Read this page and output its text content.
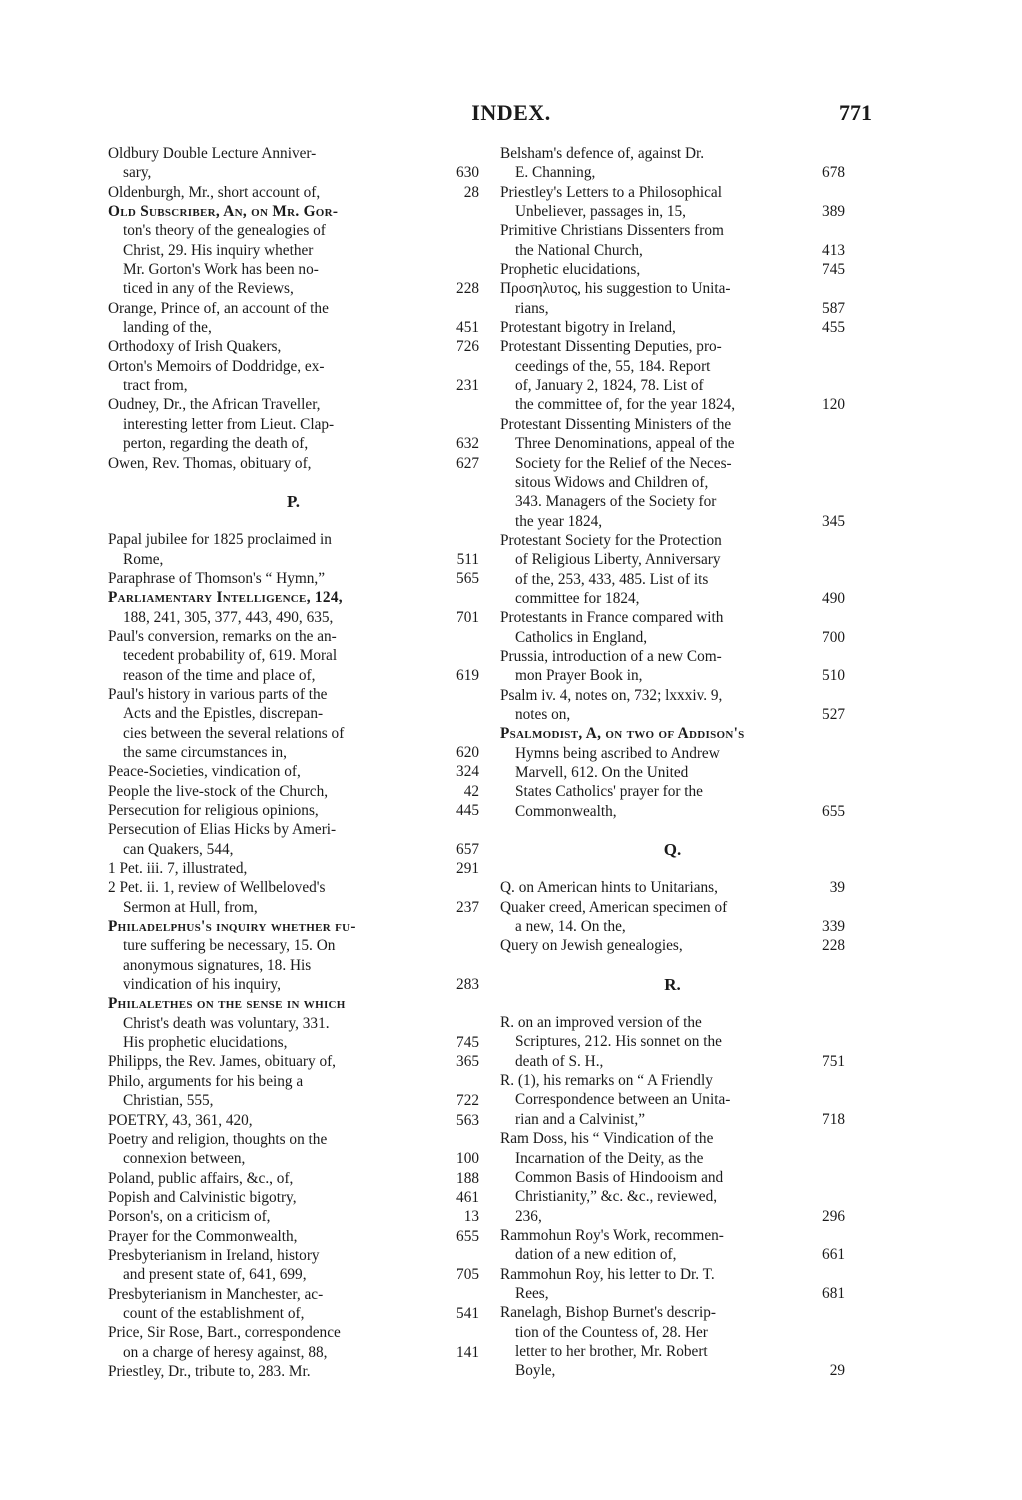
INDEX.	771
Oldbury Double Lecture Anniver-
sary,	630
Oldenburgh, Mr., short account of,	28
Old Subscriber, An, on Mr. Gor-
ton's theory of the genealogies of
Christ, 29. His inquiry whether
Mr. Gorton's Work has been no-
ticed in any of the Reviews,	228
Orange, Prince of, an account of the
landing of the,	451
Orthodoxy of Irish Quakers,	726
Orton's Memoirs of Doddridge, ex-
tract from,	231
Oudney, Dr., the African Traveller,
interesting letter from Lieut. Clap-
perton, regarding the death of,	632
Owen, Rev. Thomas, obituary of,	627
P.
Papal jubilee for 1825 proclaimed in
Rome,	511
Paraphrase of Thomson's “ Hymn,”	565
Parliamentary Intelligence, 124,
188, 241, 305, 377, 443, 490, 635,	701
Paul's conversion, remarks on the an-
tecedent probability of, 619. Moral
reason of the time and place of,	619
Paul's history in various parts of the
Acts and the Epistles, discrepan-
cies between the several relations of
the same circumstances in,	620
Peace-Societies, vindication of,	324
People the live-stock of the Church,	42
Persecution for religious opinions,	445
Persecution of Elias Hicks by Ameri-
can Quakers, 544,	657
1 Pet. iii. 7, illustrated,	291
2 Pet. ii. 1, review of Wellbeloved's
Sermon at Hull, from,	237
Philadelphus's inquiry whether fu-
ture suffering be necessary, 15. On
anonymous signatures, 18. His
vindication of his inquiry,	283
Philalethes on the sense in which
Christ's death was voluntary, 331.
His prophetic elucidations,	745
Philipps, the Rev. James, obituary of,	365
Philo, arguments for his being a
Christian, 555,	722
POETRY, 43, 361, 420,	563
Poetry and religion, thoughts on the
connexion between,	100
Poland, public affairs, &c., of,	188
Popish and Calvinistic bigotry,	461
Porson's, on a criticism of,	13
Prayer for the Commonwealth,	655
Presbyterianism in Ireland, history
and present state of, 641, 699,	705
Presbyterianism in Manchester, ac-
count of the establishment of,	541
Price, Sir Rose, Bart., correspondence
on a charge of heresy against, 88,	141
Priestley, Dr., tribute to, 283. Mr.
Belsham's defence of, against Dr.
E. Channing,	678
Priestley's Letters to a Philosophical
Unbeliever, passages in, 15,	389
Primitive Christians Dissenters from
the National Church,	413
Prophetic elucidations,	745
Προσηλυτος, his suggestion to Unita-
rians,	587
Protestant bigotry in Ireland,	455
Protestant Dissenting Deputies, pro-
ceedings of the, 55, 184. Report
of, January 2, 1824, 78. List of
the committee of, for the year 1824,	120
Protestant Dissenting Ministers of the
Three Denominations, appeal of the
Society for the Relief of the Neces-
sitous Widows and Children of,
343. Managers of the Society for
the year 1824,	345
Protestant Society for the Protection
of Religious Liberty, Anniversary
of the, 253, 433, 485. List of its
committee for 1824,	490
Protestants in France compared with
Catholics in England,	700
Prussia, introduction of a new Com-
mon Prayer Book in,	510
Psalm iv. 4, notes on, 732; lxxxiv. 9,
notes on,	527
Psalmodist, A, on two of Addison's
Hymns being ascribed to Andrew
Marvell, 612. On the United
States Catholics' prayer for the
Commonwealth,	655
Q.
Q. on American hints to Unitarians,	39
Quaker creed, American specimen of
a new, 14. On the,	339
Query on Jewish genealogies,	228
R.
R. on an improved version of the
Scriptures, 212. His sonnet on the
death of S. H.,	751
R. (1), his remarks on “ A Friendly
Correspondence between an Unita-
rian and a Calvinist,”	718
Ram Doss, his “ Vindication of the
Incarnation of the Deity, as the
Common Basis of Hindooism and
Christianity,” &c. &c., reviewed,
236,	296
Rammohun Roy's Work, recommen-
dation of a new edition of,	661
Rammohun Roy, his letter to Dr. T.
Rees,	681
Ranelagh, Bishop Burnet's descrip-
tion of the Countess of, 28. Her
letter to her brother, Mr. Robert
Boyle,	29
